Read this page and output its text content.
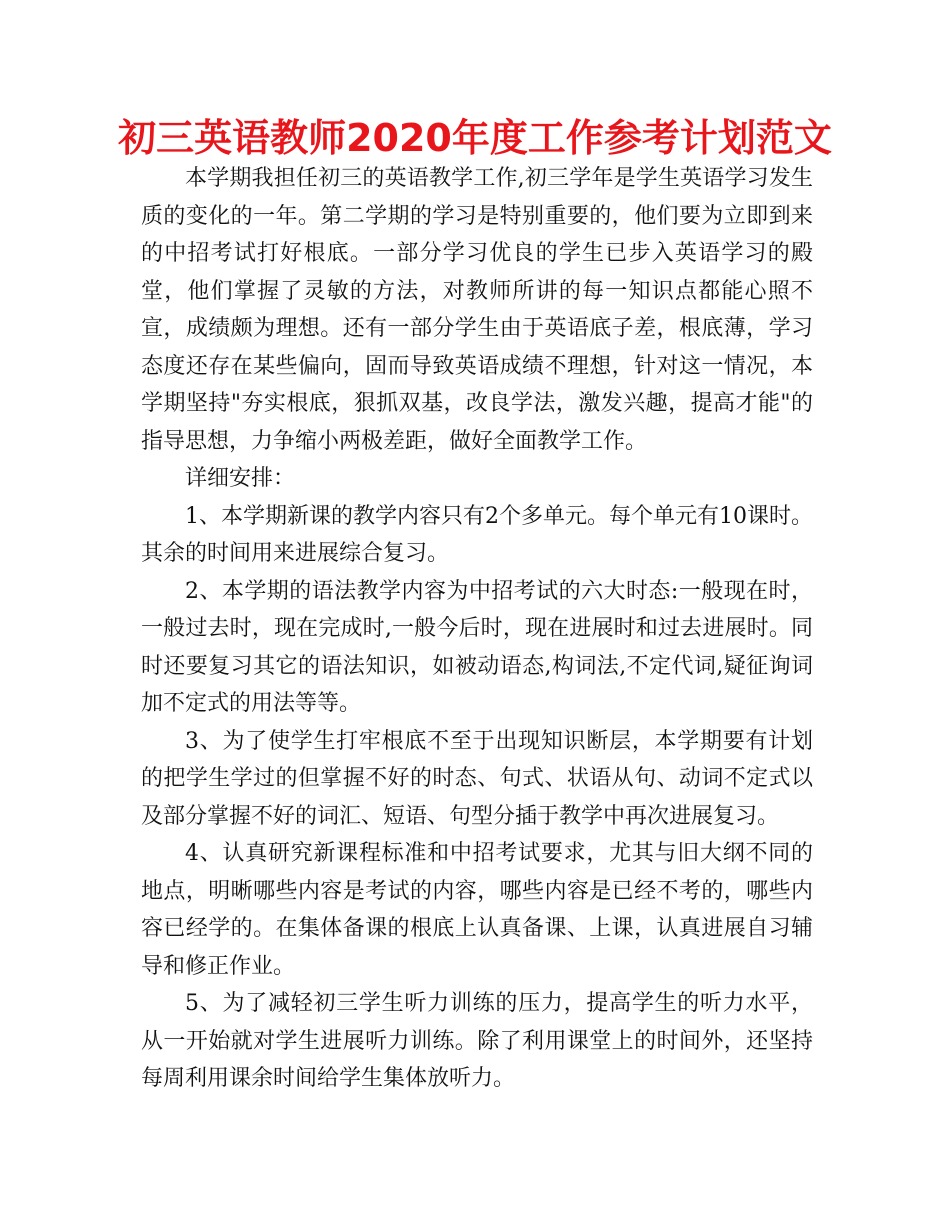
初三英语教师2020年度工作参考计划范文

本学期我担任初三的英语教学工作,初三学年是学生英语学习发生质的变化的一年。第二学期的学习是特别重要的，他们要为立即到来的中招考试打好根底。一部分学习优良的学生已步入英语学习的殿堂，他们掌握了灵敏的方法，对教师所讲的每一知识点都能心照不宣，成绩颇为理想。还有一部分学生由于英语底子差，根底薄，学习态度还存在某些偏向，固而导致英语成绩不理想，针对这一情况，本学期坚持"夯实根底，狠抓双基，改良学法，激发兴趣，提高才能"的指导思想，力争缩小两极差距，做好全面教学工作。

详细安排：

1、本学期新课的教学内容只有2个多单元。每个单元有10课时。其余的时间用来进展综合复习。

2、本学期的语法教学内容为中招考试的六大时态:一般现在时，一般过去时，现在完成时,一般今后时，现在进展时和过去进展时。同时还要复习其它的语法知识，如被动语态,构词法,不定代词,疑征询词加不定式的用法等等。

3、为了使学生打牢根底不至于出现知识断层，本学期要有计划的把学生学过的但掌握不好的时态、句式、状语从句、动词不定式以及部分掌握不好的词汇、短语、句型分插于教学中再次进展复习。

4、认真研究新课程标准和中招考试要求，尤其与旧大纲不同的地点，明晰哪些内容是考试的内容，哪些内容是已经不考的，哪些内容已经学的。在集体备课的根底上认真备课、上课，认真进展自习辅导和修正作业。

5、为了减轻初三学生听力训练的压力，提高学生的听力水平，从一开始就对学生进展听力训练。除了利用课堂上的时间外，还坚持每周利用课余时间给学生集体放听力。
